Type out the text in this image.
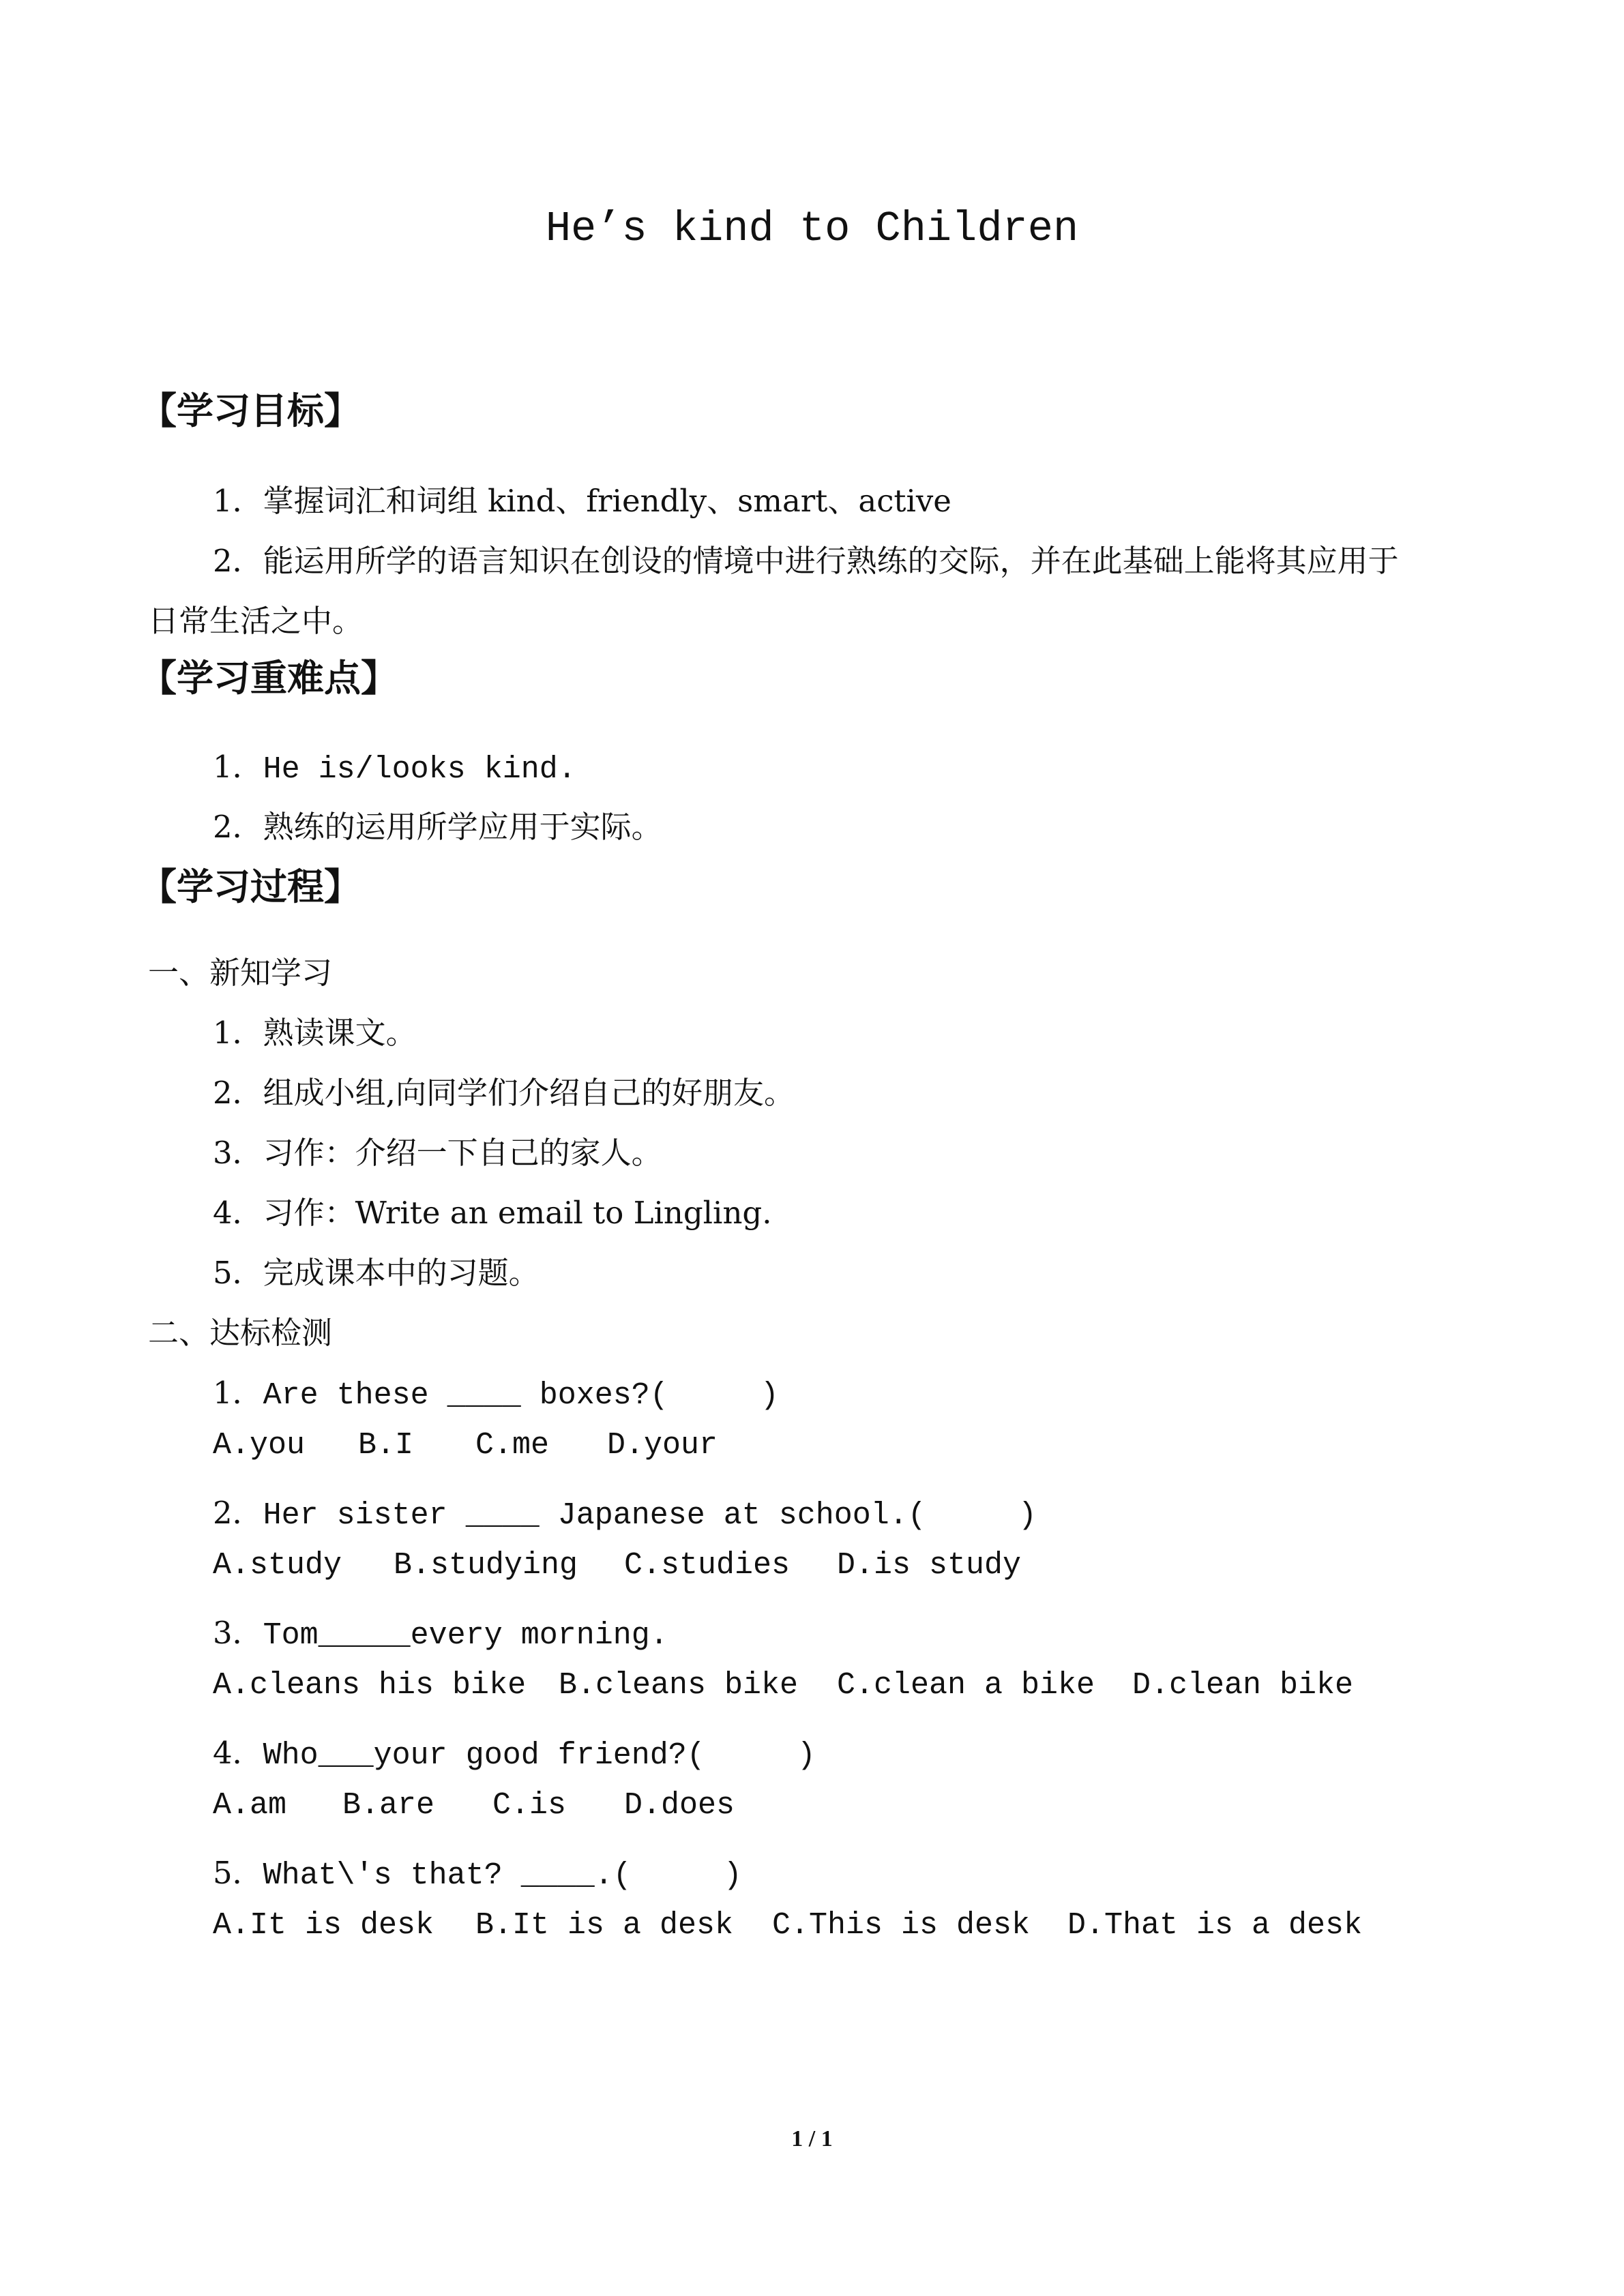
He’s kind to Children
【学习目标】
1．掌握词汇和词组 kind、friendly、smart、active
2．能运用所学的语言知识在创设的情境中进行熟练的交际，并在此基础上能将其应用于
日常生活之中。
【学习重难点】
1．He is/looks kind.
2．熟练的运用所学应用于实际。
【学习过程】
一、新知学习
1．熟读课文。
2．组成小组,向同学们介绍自己的好朋友。
3．习作：介绍一下自己的家人。
4．习作：Write an email to Lingling.
5．完成课本中的习题。
二、达标检测
1．Are these ____ boxes?(     )

A.you

B.I

C.me

D.your

2．Her sister ____ Japanese at school.(     )

A.study

B.studying

C.studies

D.is study

3．Tom_____every morning.

A.cleans his bike

B.cleans bike

C.clean a bike

D.clean bike

4．Who___your good friend?(     )

A.am

B.are

C.is

D.does

5．What\'s that? ____.(     )

A.It is desk

B.It is a desk

C.This is desk

D.That is a desk

1 / 1
